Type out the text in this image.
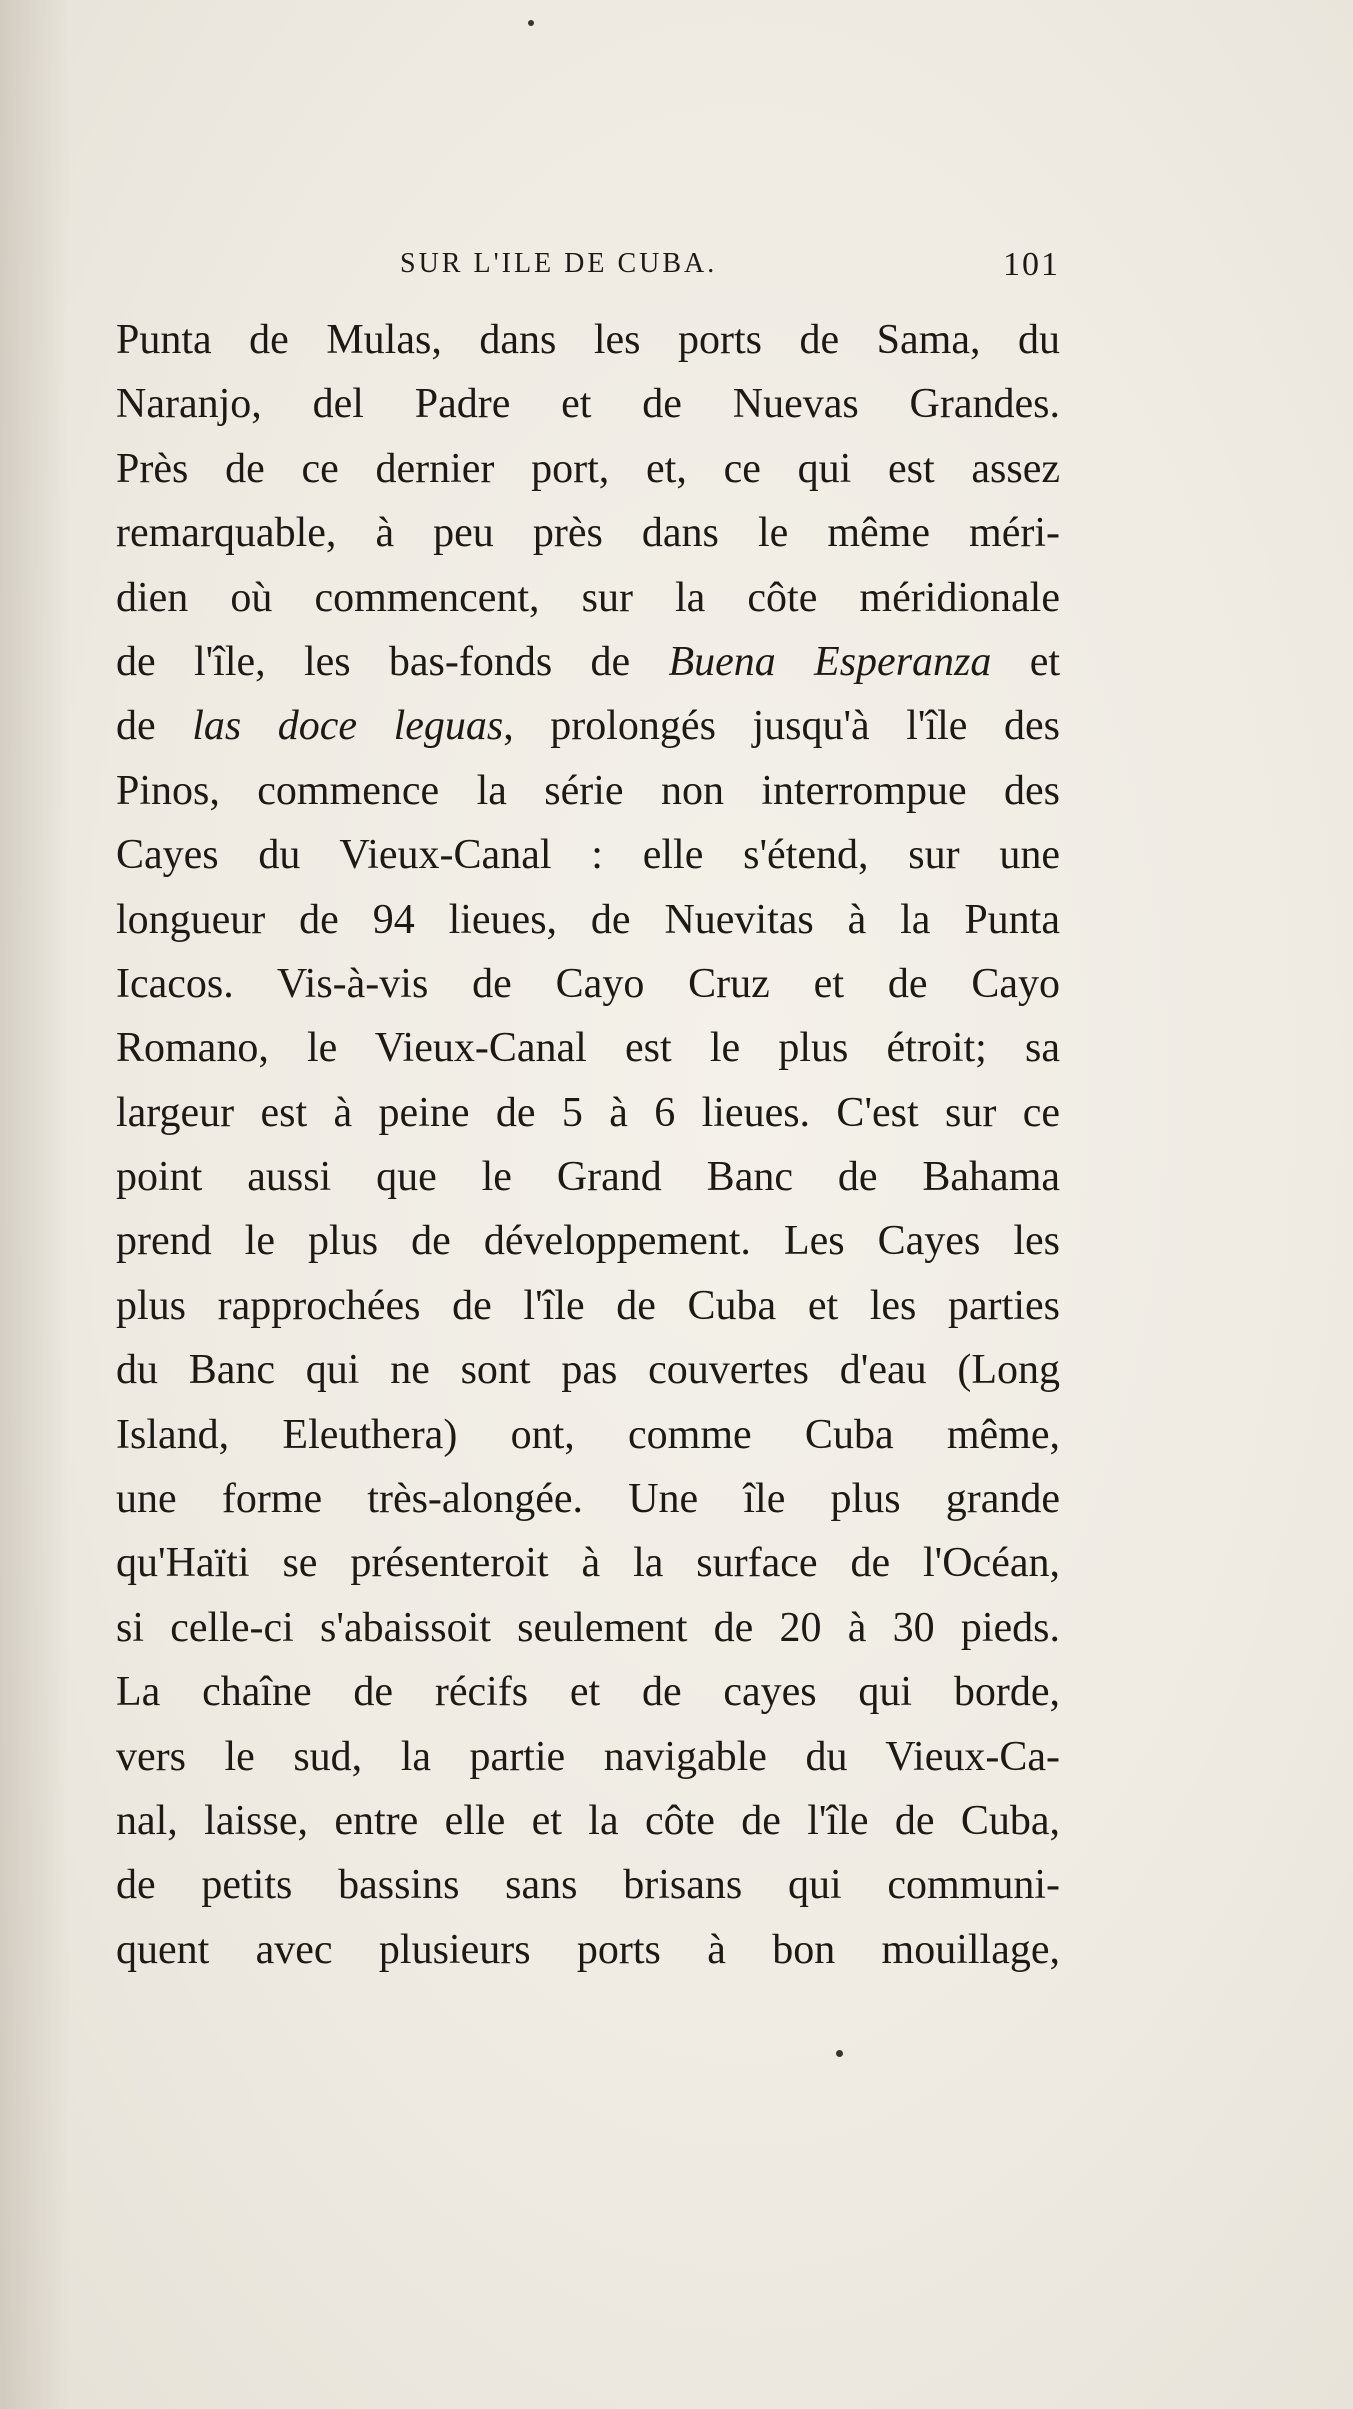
SUR L'ILE DE CUBA.	101
Punta de Mulas, dans les ports de Sama, du
Naranjo, del Padre et de Nuevas Grandes.
Près de ce dernier port, et, ce qui est assez
remarquable, à peu près dans le même méri-
dien où commencent, sur la côte méridionale
de l'île, les bas-fonds de Buena Esperanza et
de las doce leguas, prolongés jusqu'à l'île des
Pinos, commence la série non interrompue des
Cayes du Vieux-Canal : elle s'étend, sur une
longueur de 94 lieues, de Nuevitas à la Punta
Icacos. Vis-à-vis de Cayo Cruz et de Cayo
Romano, le Vieux-Canal est le plus étroit; sa
largeur est à peine de 5 à 6 lieues. C'est sur ce
point aussi que le Grand Banc de Bahama
prend le plus de développement. Les Cayes les
plus rapprochées de l'île de Cuba et les parties
du Banc qui ne sont pas couvertes d'eau (Long
Island, Eleuthera) ont, comme Cuba même,
une forme très-alongée. Une île plus grande
qu'Haïti se présenteroit à la surface de l'Océan,
si celle-ci s'abaissoit seulement de 20 à 30 pieds.
La chaîne de récifs et de cayes qui borde,
vers le sud, la partie navigable du Vieux-Ca-
nal, laisse, entre elle et la côte de l'île de Cuba,
de petits bassins sans brisans qui communi-
quent avec plusieurs ports à bon mouillage,
